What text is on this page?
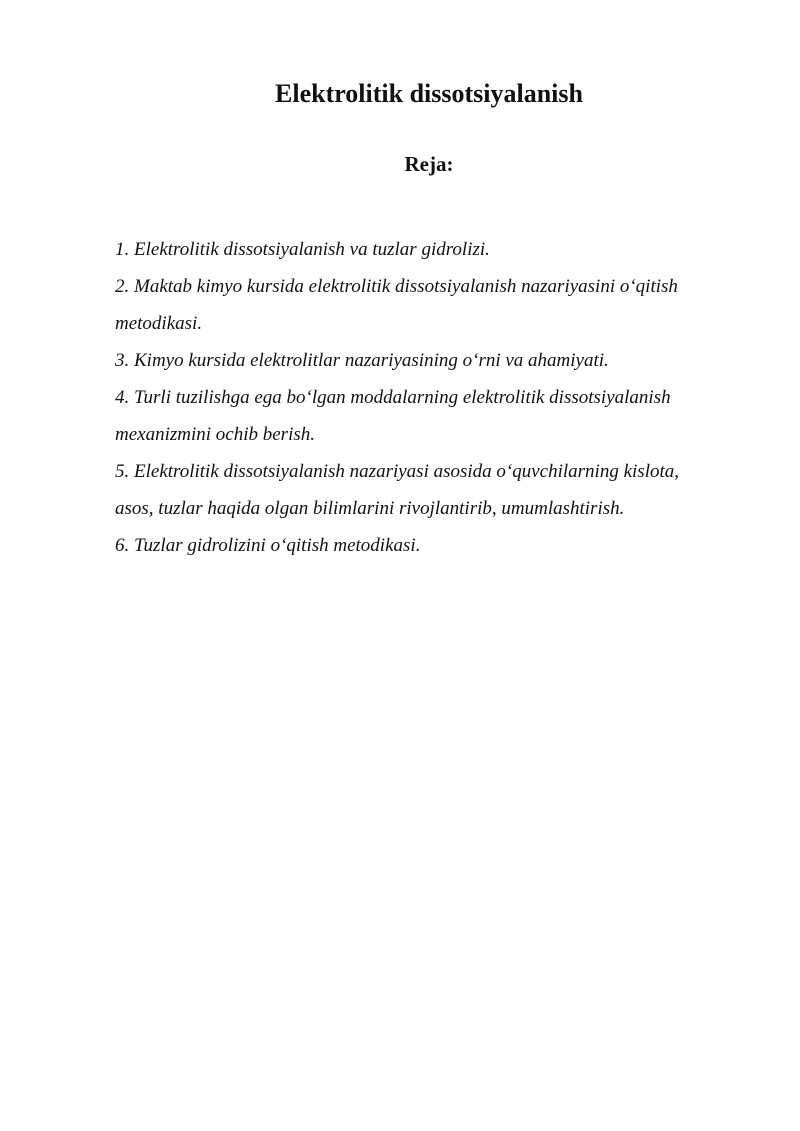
Elektrolitik dissotsiyalanish
Reja:
1. Elektrolitik dissotsiyalanish va tuzlar gidrolizi.
2. Maktab kimyo kursida elektrolitik dissotsiyalanish nazariyasini o‘qitish metodikasi.
3. Kimyo kursida elektrolitlar nazariyasining o‘rni va ahamiyati.
4. Turli tuzilishga ega bo‘lgan moddalarning elektrolitik dissotsiyalanish mexanizmini ochib berish.
5. Elektrolitik dissotsiyalanish nazariyasi asosida o‘quvchilarning kislota, asos, tuzlar haqida olgan bilimlarini rivojlantirib, umumlashtirish.
6. Tuzlar gidrolizini o‘qitish metodikasi.
